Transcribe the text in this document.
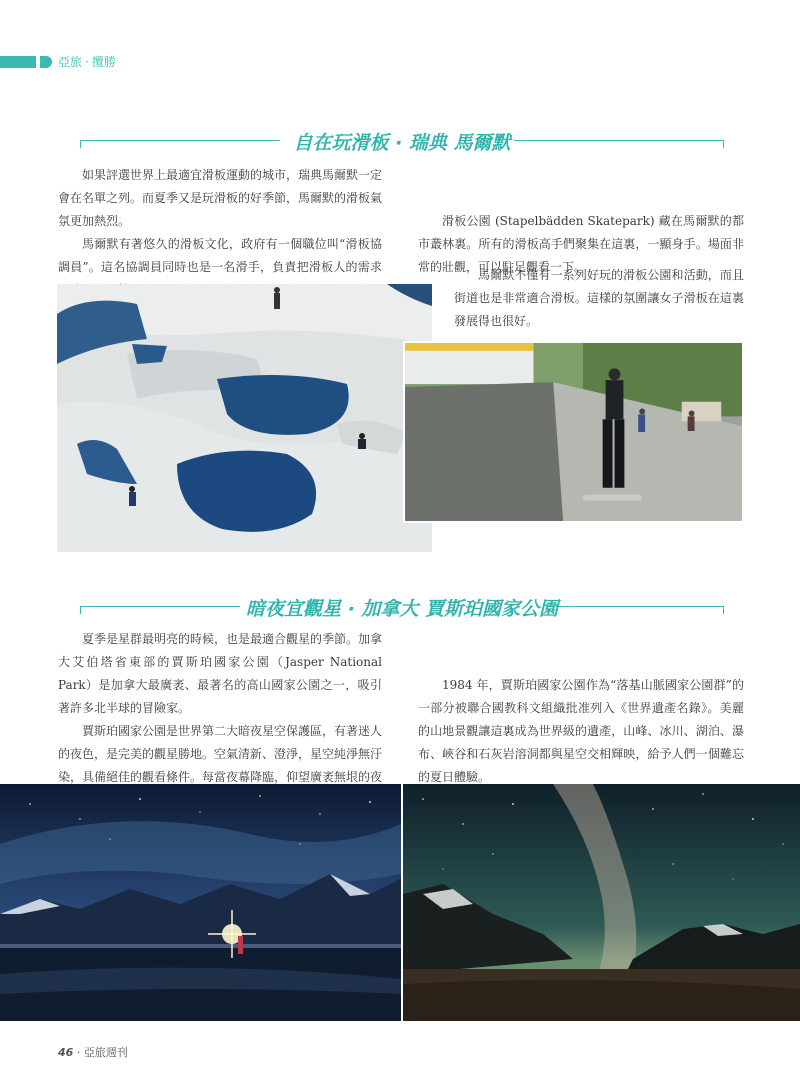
亞旅 · 攬勝
自在玩滑板 · 瑞典 馬爾默

如果評選世界上最適宜滑板運動的城市，瑞典馬爾默一定會在名單之列。而夏季又是玩滑板的好季節，馬爾默的滑板氣氛更加熱烈。

馬爾默有著悠久的滑板文化，政府有一個職位叫“滑板協調員”。這名協調員同時也是一名滑手，負責把滑板人的需求

滑板公園 (Stapelbädden Skatepark) 藏在馬爾默的都市叢林裏。所有的滑板高手們聚集在這裏，一顯身手。場面非常的壯觀，可以駐足觀看一下。

馬爾默不僅有一系列好玩的滑板公園和活動，而且街道也是非常適合滑板。這樣的氛圍讓女子滑板在這裏發展得也很好。

暗夜宜觀星 · 加拿大 賈斯珀國家公園

夏季是星群最明亮的時候，也是最適合觀星的季節。加拿大艾伯塔省東部的賈斯珀國家公園（Jasper National Park）是加拿大最廣袤、最著名的高山國家公園之一，吸引著許多北半球的冒險家。

賈斯珀國家公園是世界第二大暗夜星空保護區，有著迷人的夜色，是完美的觀星勝地。空氣清新、澄淨，星空純淨無汙染，具備絕佳的觀看條件。每當夜幕降臨，仰望廣袤無垠的夜

1984 年，賈斯珀國家公園作為“落基山脈國家公園群”的一部分被聯合國教科文組織批准列入《世界遺產名錄》。美麗的山地景觀讓這裏成為世界級的遺產，山峰、冰川、湖泊、瀑布、峽谷和石灰岩溶洞都與星空交相輝映，給予人們一個難忘的夏日體驗。

46 · 亞旅週刊
